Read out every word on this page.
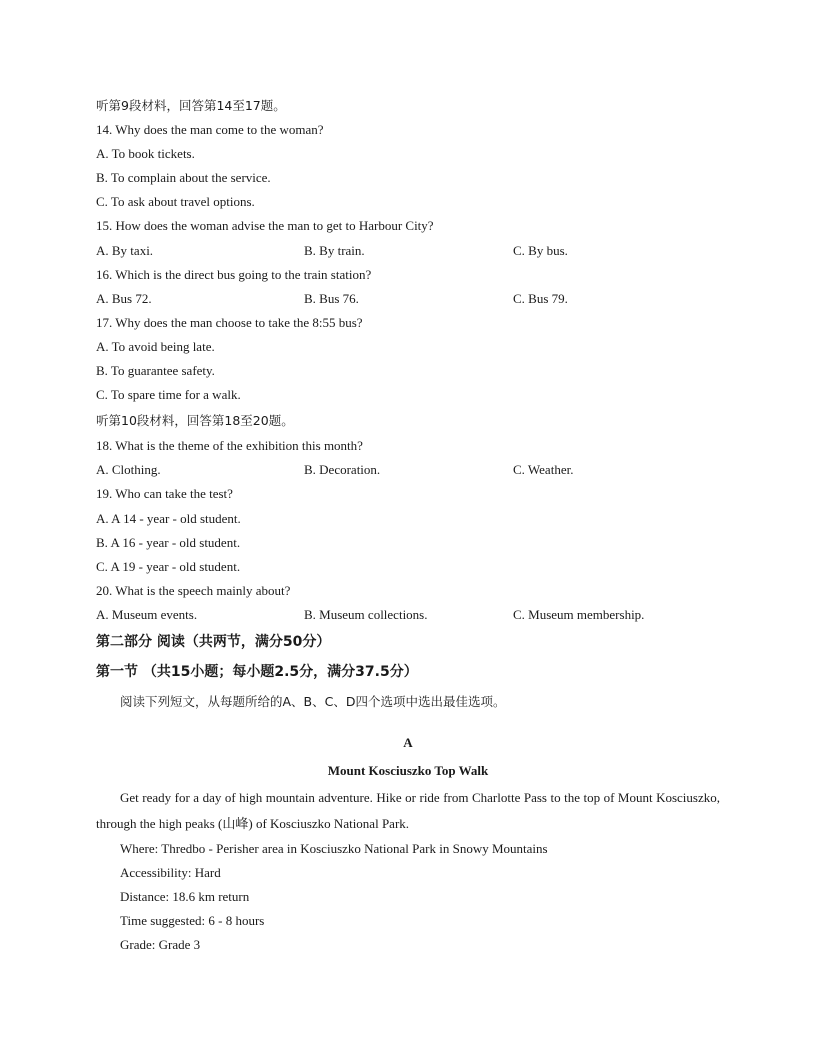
听第9段材料，回答第14至17题。
14. Why does the man come to the woman?
A. To book tickets.
B. To complain about the service.
C. To ask about travel options.
15. How does the woman advise the man to get to Harbour City?
A. By taxi.	B. By train.	C. By bus.
16. Which is the direct bus going to the train station?
A. Bus 72.	B. Bus 76.	C. Bus 79.
17. Why does the man choose to take the 8:55 bus?
A. To avoid being late.
B. To guarantee safety.
C. To spare time for a walk.
听第10段材料，回答第18至20题。
18. What is the theme of the exhibition this month?
A. Clothing.	B. Decoration.	C. Weather.
19. Who can take the test?
A. A 14 - year - old student.
B. A 16 - year - old student.
C. A 19 - year - old student.
20. What is the speech mainly about?
A. Museum events.	B. Museum collections.	C. Museum membership.
第二部分 阅读（共两节，满分50分）
第一节 （共15小题；每小题2.5分，满分37.5分）
阅读下列短文，从每题所给的A、B、C、D四个选项中选出最佳选项。
A
Mount Kosciuszko Top Walk
Get ready for a day of high mountain adventure. Hike or ride from Charlotte Pass to the top of Mount Kosciuszko, through the high peaks (山峰) of Kosciuszko National Park.
Where: Thredbo - Perisher area in Kosciuszko National Park in Snowy Mountains
Accessibility: Hard
Distance: 18.6 km return
Time suggested: 6 - 8 hours
Grade: Grade 3
